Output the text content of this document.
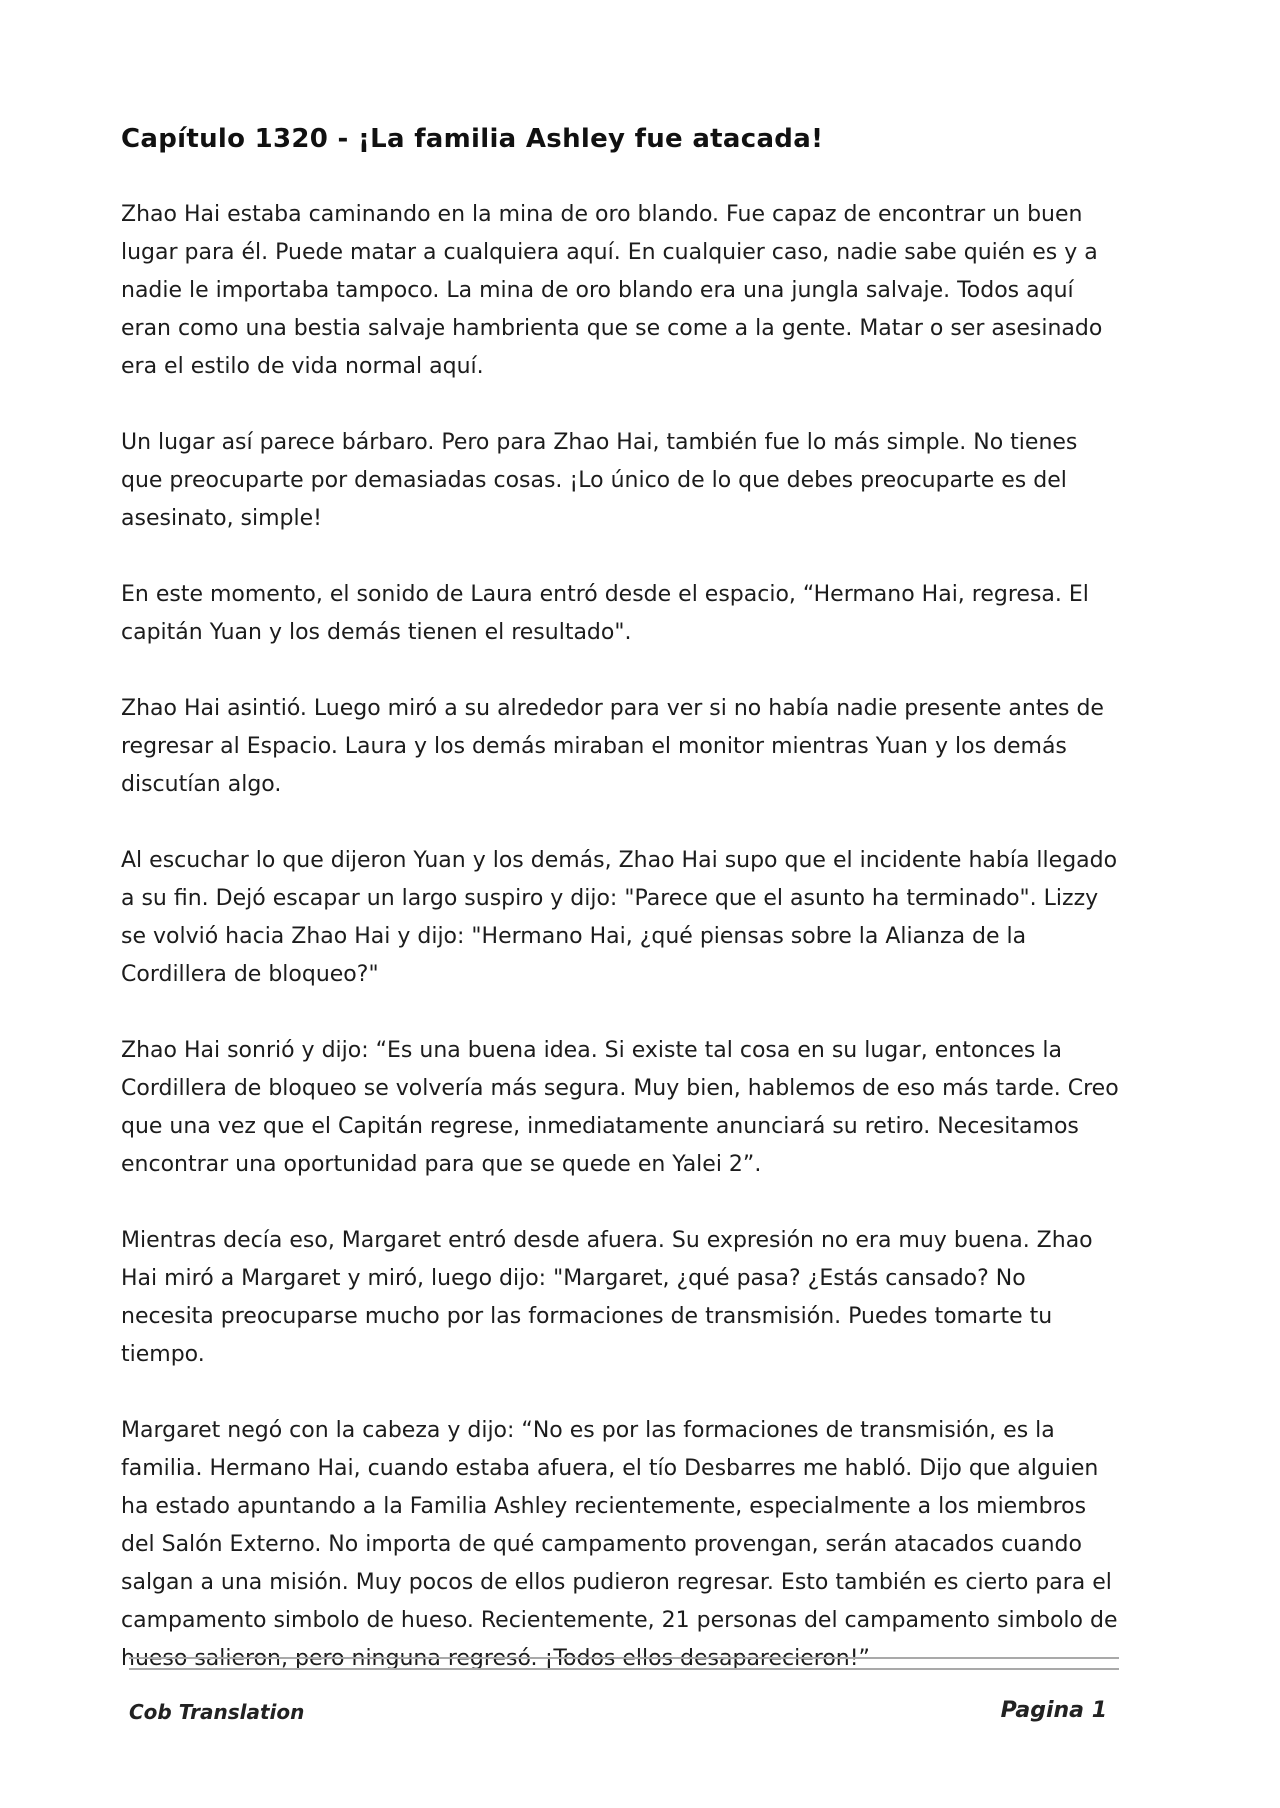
Capítulo 1320 - ¡La familia Ashley fue atacada!

Zhao Hai estaba caminando en la mina de oro blando. Fue capaz de encontrar un buen lugar para él. Puede matar a cualquiera aquí. En cualquier caso, nadie sabe quién es y a nadie le importaba tampoco. La mina de oro blando era una jungla salvaje. Todos aquí eran como una bestia salvaje hambrienta que se come a la gente. Matar o ser asesinado era el estilo de vida normal aquí.

Un lugar así parece bárbaro. Pero para Zhao Hai, también fue lo más simple. No tienes que preocuparte por demasiadas cosas. ¡Lo único de lo que debes preocuparte es del asesinato, simple!

En este momento, el sonido de Laura entró desde el espacio, “Hermano Hai, regresa. El capitán Yuan y los demás tienen el resultado".

Zhao Hai asintió. Luego miró a su alrededor para ver si no había nadie presente antes de regresar al Espacio. Laura y los demás miraban el monitor mientras Yuan y los demás discutían algo.

Al escuchar lo que dijeron Yuan y los demás, Zhao Hai supo que el incidente había llegado a su fin. Dejó escapar un largo suspiro y dijo: "Parece que el asunto ha terminado". Lizzy se volvió hacia Zhao Hai y dijo: "Hermano Hai, ¿qué piensas sobre la Alianza de la Cordillera de bloqueo?"

Zhao Hai sonrió y dijo: “Es una buena idea. Si existe tal cosa en su lugar, entonces la Cordillera de bloqueo se volvería más segura. Muy bien, hablemos de eso más tarde. Creo que una vez que el Capitán regrese, inmediatamente anunciará su retiro. Necesitamos encontrar una oportunidad para que se quede en Yalei 2”.

Mientras decía eso, Margaret entró desde afuera. Su expresión no era muy buena. Zhao Hai miró a Margaret y miró, luego dijo: "Margaret, ¿qué pasa? ¿Estás cansado? No necesita preocuparse mucho por las formaciones de transmisión. Puedes tomarte tu tiempo.

Margaret negó con la cabeza y dijo: “No es por las formaciones de transmisión, es la familia. Hermano Hai, cuando estaba afuera, el tío Desbarres me habló. Dijo que alguien ha estado apuntando a la Familia Ashley recientemente, especialmente a los miembros del Salón Externo. No importa de qué campamento provengan, serán atacados cuando salgan a una misión. Muy pocos de ellos pudieron regresar. Esto también es cierto para el campamento simbolo de hueso. Recientemente, 21 personas del campamento simbolo de hueso salieron, pero ninguna regresó. ¡Todos ellos desaparecieron!”

Cob Translation	Pagina 1
